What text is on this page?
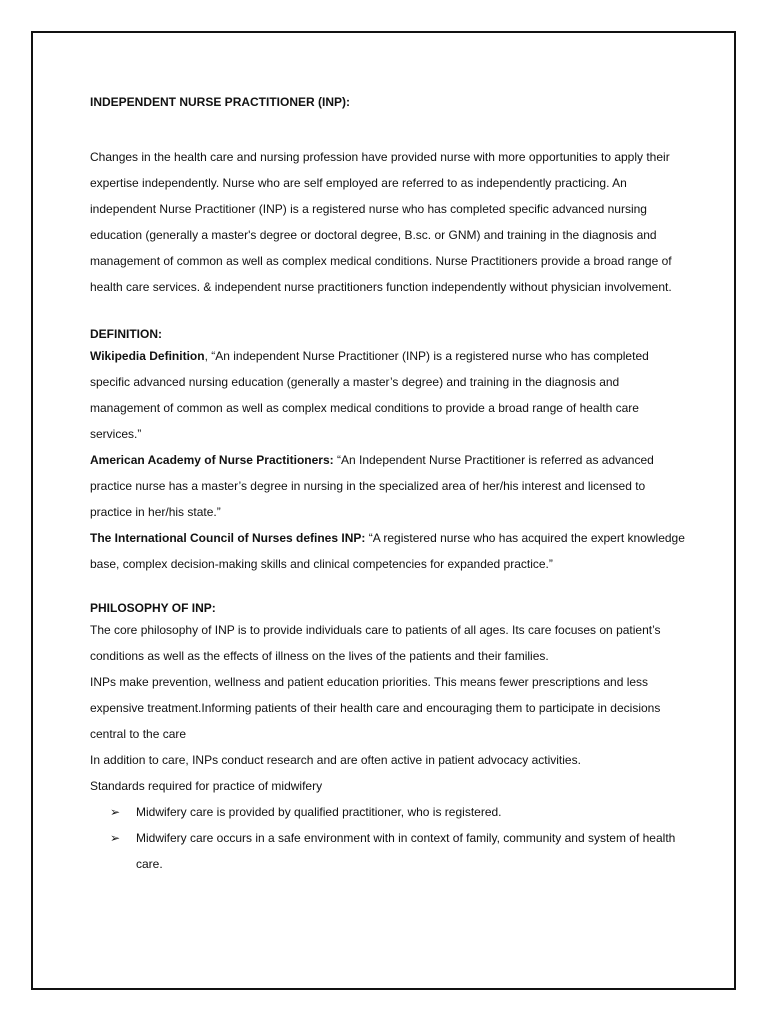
INDEPENDENT NURSE PRACTITIONER (INP):

Changes in the health care and nursing profession have provided nurse with more opportunities to apply their expertise independently. Nurse who are self employed are referred to as independently practicing. An independent Nurse Practitioner (INP) is a registered nurse who has completed specific advanced nursing education (generally a master's degree or doctoral degree, B.sc. or GNM) and training in the diagnosis and management of common as well as complex medical conditions. Nurse Practitioners provide a broad range of health care services. & independent nurse practitioners function independently without physician involvement.

DEFINITION:

Wikipedia Definition, “An independent Nurse Practitioner (INP) is a registered nurse who has completed specific advanced nursing education (generally a master’s degree) and training in the diagnosis and management of common as well as complex medical conditions to provide a broad range of health care services.”

American Academy of Nurse Practitioners: “An Independent Nurse Practitioner is referred as advanced practice nurse has a master’s degree in nursing in the specialized area of her/his interest and licensed to practice in her/his state.”

The International Council of Nurses defines INP: “A registered nurse who has acquired the expert knowledge base, complex decision-making skills and clinical competencies for expanded practice.”

PHILOSOPHY OF INP:

The core philosophy of INP is to provide individuals care to patients of all ages. Its care focuses on patient’s conditions as well as the effects of illness on the lives of the patients and their families.

INPs make prevention, wellness and patient education priorities. This means fewer prescriptions and less expensive treatment.Informing patients of their health care and encouraging them to participate in decisions central to the care

In addition to care, INPs conduct research and are often active in patient advocacy activities.

Standards required for practice of midwifery

➢	Midwifery care is provided by qualified practitioner, who is registered.
➢	Midwifery care occurs in a safe environment with in context of family, community and system of health care.
